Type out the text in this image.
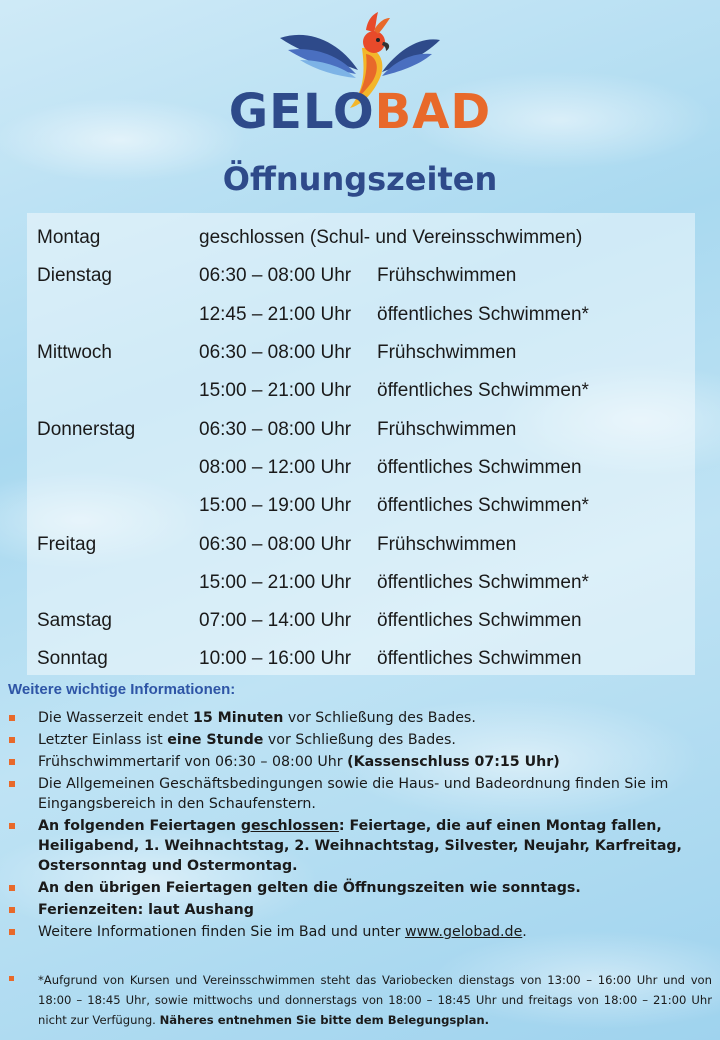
GELOBAD
Öffnungszeiten
Montag	geschlossen (Schul- und Vereinsschwimmen)
Dienstag	06:30 – 08:00 Uhr Frühschwimmen
12:45 – 21:00 Uhr öffentliches Schwimmen*
Mittwoch	06:30 – 08:00 Uhr Frühschwimmen
15:00 – 21:00 Uhr öffentliches Schwimmen*
Donnerstag	06:30 – 08:00 Uhr Frühschwimmen
08:00 – 12:00 Uhr öffentliches Schwimmen
15:00 – 19:00 Uhr öffentliches Schwimmen*
Freitag	06:30 – 08:00 Uhr Frühschwimmen
15:00 – 21:00 Uhr öffentliches Schwimmen*
Samstag	07:00 – 14:00 Uhr öffentliches Schwimmen
Sonntag	10:00 – 16:00 Uhr öffentliches Schwimmen
Weitere wichtige Informationen:
Die Wasserzeit endet 15 Minuten vor Schließung des Bades.
Letzter Einlass ist eine Stunde vor Schließung des Bades.
Frühschwimmertarif von 06:30 – 08:00 Uhr (Kassenschluss 07:15 Uhr)
Die Allgemeinen Geschäftsbedingungen sowie die Haus- und Badeordnung finden Sie im Eingangsbereich in den Schaufenstern.
An folgenden Feiertagen geschlossen: Feiertage, die auf einen Montag fallen, Heiligabend, 1. Weihnachtstag, 2. Weihnachtstag, Silvester, Neujahr, Karfreitag, Ostersonntag und Ostermontag.
An den übrigen Feiertagen gelten die Öffnungszeiten wie sonntags.
Ferienzeiten: laut Aushang
Weitere Informationen finden Sie im Bad und unter www.gelobad.de.
*Aufgrund von Kursen und Vereinsschwimmen steht das Variobecken dienstags von 13:00 – 16:00 Uhr und von 18:00 – 18:45 Uhr, sowie mittwochs und donnerstags von 18:00 – 18:45 Uhr und freitags von 18:00 – 21:00 Uhr nicht zur Verfügung. Näheres entnehmen Sie bitte dem Belegungsplan.
